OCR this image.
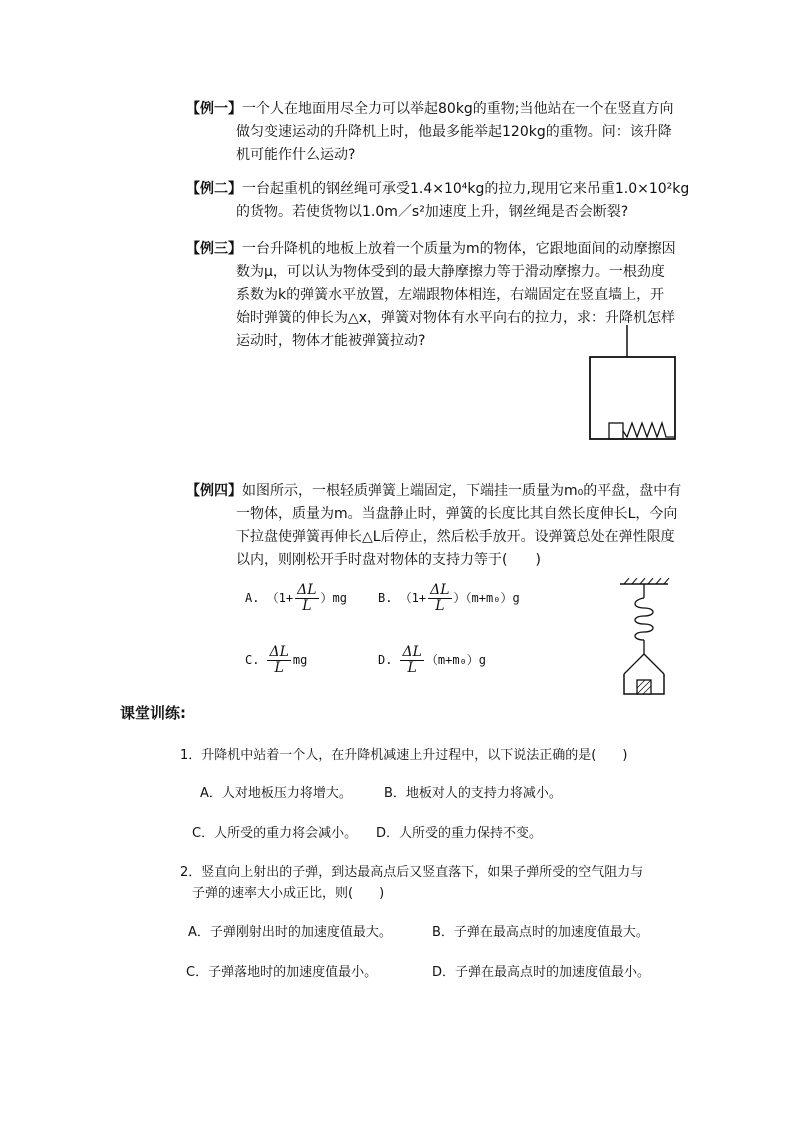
【例一】一个人在地面用尽全力可以举起80kg的重物;当他站在一个在竖直方向
做匀变速运动的升降机上时，他最多能举起120kg的重物。问：该升降
机可能作什么运动?
【例二】一台起重机的钢丝绳可承受1.4×10⁴kg的拉力,现用它来吊重1.0×10²kg
的货物。若使货物以1.0m／s²加速度上升，钢丝绳是否会断裂?
【例三】一台升降机的地板上放着一个质量为m的物体，它跟地面间的动摩擦因
数为μ，可以认为物体受到的最大静摩擦力等于滑动摩擦力。一根劲度
系数为k的弹簧水平放置，左端跟物体相连，右端固定在竖直墙上，开
始时弹簧的伸长为△x，弹簧对物体有水平向右的拉力，求：升降机怎样
运动时，物体才能被弹簧拉动?
【例四】如图所示，一根轻质弹簧上端固定，下端挂一质量为m₀的平盘，盘中有
一物体，质量为m。当盘静止时，弹簧的长度比其自然长度伸长L，今向
下拉盘使弹簧再伸长△L后停止，然后松手放开。设弹簧总处在弹性限度
以内，则刚松开手时盘对物体的支持力等于(　　)
A. $(1+ \frac{\Delta L}{L} )mg$	B. $(1+ \frac{\Delta L}{L} )(m+m_0)g$
C. $\frac{\Delta L}{L}$ mg	D. $\frac{\Delta L}{L} (m+m_0)g$
课堂训练:
1．升降机中站着一个人，在升降机减速上升过程中，以下说法正确的是(　　)
A．人对地板压力将增大。 B．地板对人的支持力将减小。
C．人所受的重力将会减小。 D．人所受的重力保持不变。
2．竖直向上射出的子弹，到达最高点后又竖直落下，如果子弹所受的空气阻力与
子弹的速率大小成正比，则(　　)
A．子弹刚射出时的加速度值最大。	B．子弹在最高点时的加速度值最大。
C．子弹落地时的加速度值最小。	D．子弹在最高点时的加速度值最小。
